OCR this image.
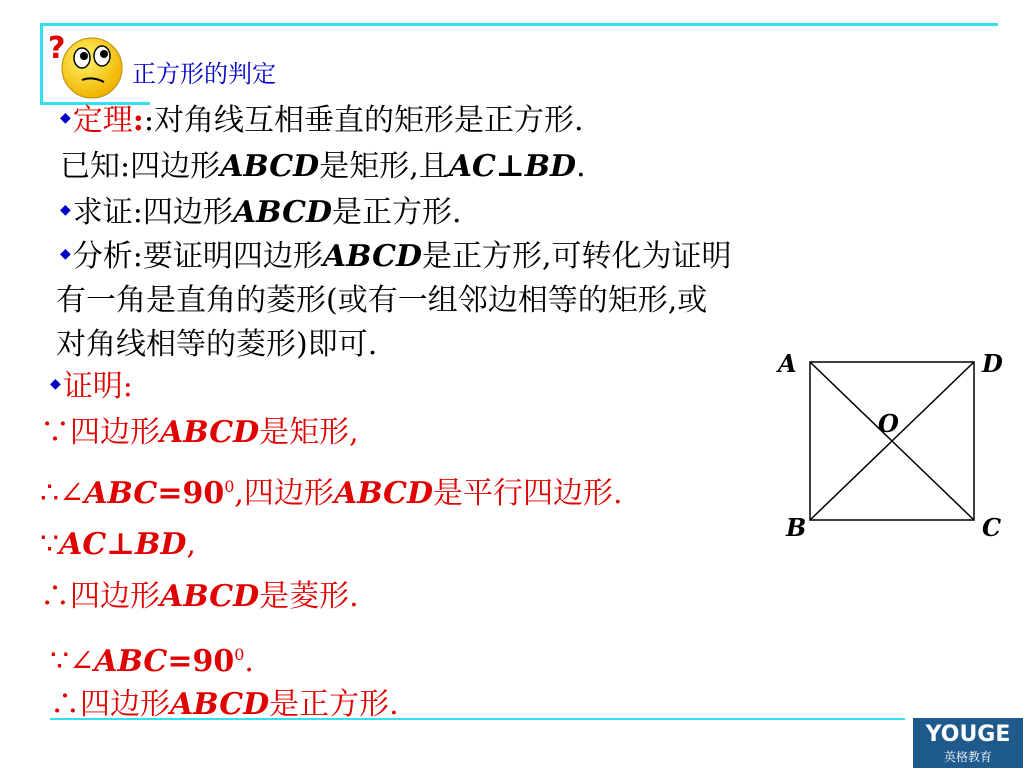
?
正方形的判定
◆定理::对角线互相垂直的矩形是正方形.
已知:四边形ABCD是矩形,且AC⊥BD.
◆求证:四边形ABCD是正方形.
◆分析:要证明四边形ABCD是正方形,可转化为证明
有一角是直角的菱形(或有一组邻边相等的矩形,或
对角线相等的菱形)即可.
◆证明:
∵四边形ABCD是矩形,
$\therefore\angle ABC=90^0$,四边形ABCD是平行四边形.
∵AC⊥BD,
∴四边形ABCD是菱形.
$\because\angle ABC=90^0$.
∴四边形ABCD是正方形.
A	D
B	C
O
YOUGE
英格教育
